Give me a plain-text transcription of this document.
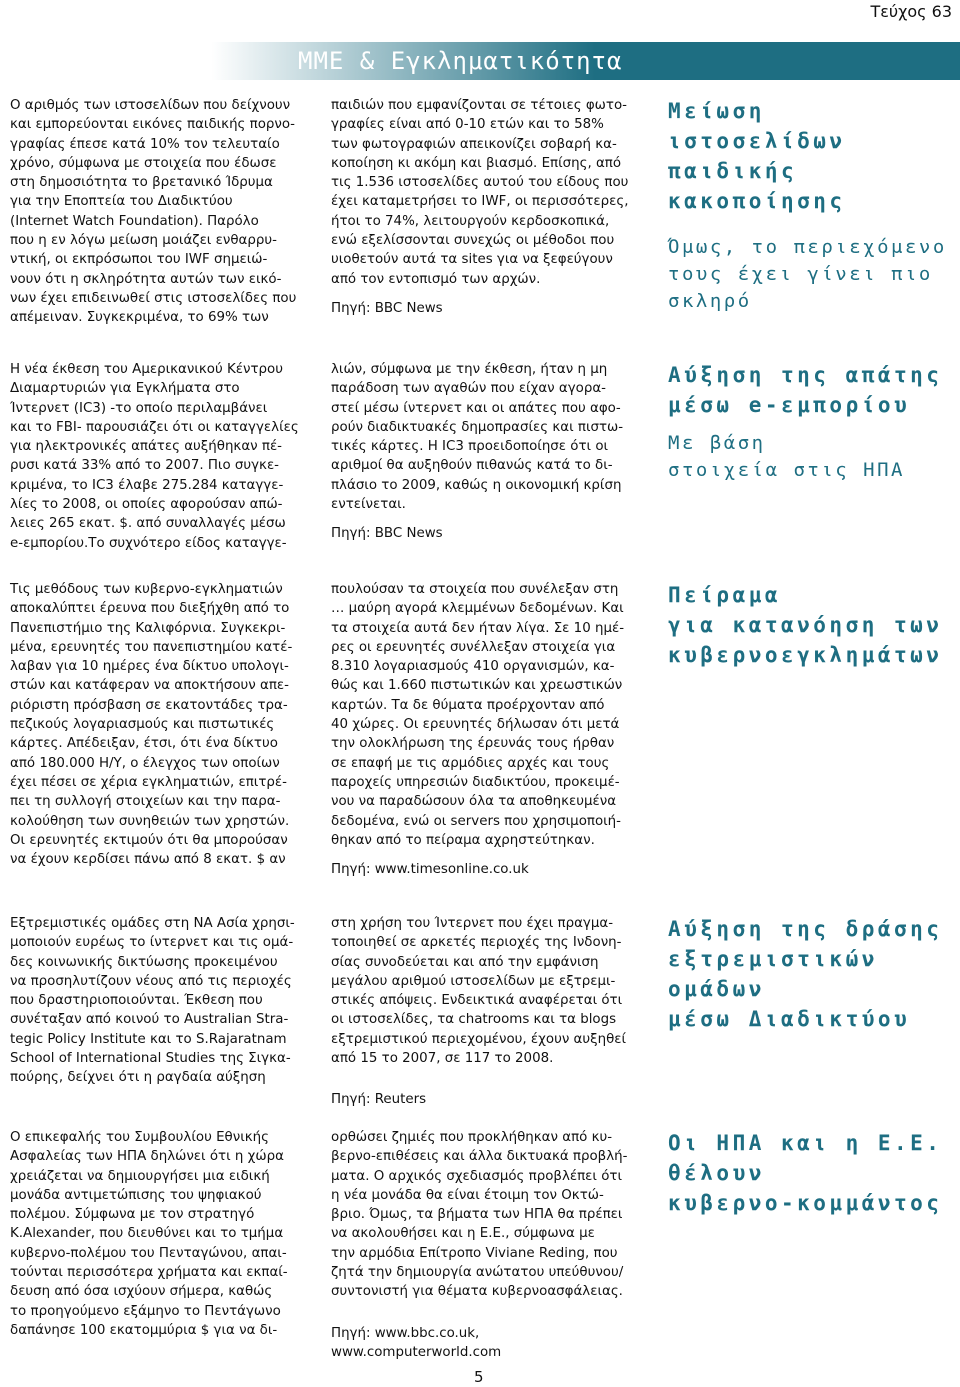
Τεύχος 63
ΜΜΕ & Εγκληματικότητα

Ο αριθμός των ιστοσελίδων που δείχνουν
και εμπορεύονται εικόνες παιδικής πορνο-
γραφίας έπεσε κατά 10% τον τελευταίο
χρόνο, σύμφωνα με στοιχεία που έδωσε
στη δημοσιότητα το βρετανικό Ίδρυμα
για την Εποπτεία του Διαδικτύου
(Internet Watch Foundation). Παρόλο
που η εν λόγω μείωση μοιάζει ενθαρρυ-
ντική, οι εκπρόσωποι του IWF σημειώ-
νουν ότι η σκληρότητα αυτών των εικό-
νων έχει επιδεινωθεί στις ιστοσελίδες που
απέμειναν. Συγκεκριμένα, το 69% των

παιδιών που εμφανίζονται σε τέτοιες φωτο-
γραφίες είναι από 0-10 ετών και το 58%
των φωτογραφιών απεικονίζει σοβαρή κα-
κοποίηση κι ακόμη και βιασμό. Επίσης, από
τις 1.536 ιστοσελίδες αυτού του είδους που
έχει καταμετρήσει το IWF, οι περισσότερες,
ήτοι το 74%, λειτουργούν κερδοσκοπικά,
ενώ εξελίσσονται συνεχώς οι μέθοδοι που
υιοθετούν αυτά τα sites για να ξεφεύγουν
από τον εντοπισμό των αρχών.

Πηγή: BBC News

Μείωση
ιστοσελίδων
παιδικής
κακοποίησης

Όμως, το περιεχόμενο
τους έχει γίνει πιο
σκληρό

Η νέα έκθεση του Αμερικανικού Κέντρου
Διαμαρτυριών για Εγκλήματα στο
Ίντερνετ (IC3) -το οποίο περιλαμβάνει
και το FBI- παρουσιάζει ότι οι καταγγελίες
για ηλεκτρονικές απάτες αυξήθηκαν πέ-
ρυσι κατά 33% από το 2007. Πιο συγκε-
κριμένα, το IC3 έλαβε 275.284 καταγγε-
λίες το 2008, οι οποίες αφορούσαν απώ-
λειες 265 εκατ. $. από συναλλαγές μέσω
e-εμπορίου.Το συχνότερο είδος καταγγε-

λιών, σύμφωνα με την έκθεση, ήταν η μη
παράδοση των αγαθών που είχαν αγορα-
στεί μέσω ίντερνετ και οι απάτες που αφο-
ρούν διαδικτυακές δημοπρασίες και πιστω-
τικές κάρτες. Η IC3 προειδοποίησε ότι οι
αριθμοί θα αυξηθούν πιθανώς κατά το δι-
πλάσιο το 2009, καθώς η οικονομική κρίση
εντείνεται.

Πηγή: BBC News

Αύξηση της απάτης
μέσω e-εμπορίου

Με βάση
στοιχεία στις ΗΠΑ

Τις μεθόδους των κυβερνο-εγκληματιών
αποκαλύπτει έρευνα που διεξήχθη από το
Πανεπιστήμιο της Καλιφόρνια. Συγκεκρι-
μένα, ερευνητές του πανεπιστημίου κατέ-
λαβαν για 10 ημέρες ένα δίκτυο υπολογι-
στών και κατάφεραν να αποκτήσουν απε-
ριόριστη πρόσβαση σε εκατοντάδες τρα-
πεζικούς λογαριασμούς και πιστωτικές
κάρτες. Απέδειξαν, έτσι, ότι ένα δίκτυο
από 180.000 Η/Υ, ο έλεγχος των οποίων
έχει πέσει σε χέρια εγκληματιών, επιτρέ-
πει τη συλλογή στοιχείων και την παρα-
κολούθηση των συνηθειών των χρηστών.
Οι ερευνητές εκτιμούν ότι θα μπορούσαν
να έχουν κερδίσει πάνω από 8 εκατ. $ αν

πουλούσαν τα στοιχεία που συνέλεξαν στη
… μαύρη αγορά κλεμμένων δεδομένων. Και
τα στοιχεία αυτά δεν ήταν λίγα. Σε 10 ημέ-
ρες οι ερευνητές συνέλλεξαν στοιχεία για
8.310 λογαριασμούς 410 οργανισμών, κα-
θώς και 1.660 πιστωτικών και χρεωστικών
καρτών. Τα δε θύματα προέρχονταν από
40 χώρες. Οι ερευνητές δήλωσαν ότι μετά
την ολοκλήρωση της έρευνάς τους ήρθαν
σε επαφή με τις αρμόδιες αρχές και τους
παροχείς υπηρεσιών διαδικτύου, προκειμέ-
νου να παραδώσουν όλα τα αποθηκευμένα
δεδομένα, ενώ οι servers που χρησιμοποιή-
θηκαν από το πείραμα αχρηστεύτηκαν.

Πηγή: www.timesonline.co.uk

Πείραμα
για κατανόηση των
κυβερνοεγκλημάτων

Εξτρεμιστικές ομάδες στη ΝΑ Ασία χρησι-
μοποιούν ευρέως το ίντερνετ και τις ομά-
δες κοινωνικής δικτύωσης προκειμένου
να προσηλυτίζουν νέους από τις περιοχές
που δραστηριοποιούνται. Έκθεση που
συνέταξαν από κοινού το Australian Stra-
tegic Policy Institute και το S.Rajaratnam
School of International Studies της Σιγκα-
πούρης, δείχνει ότι η ραγδαία αύξηση

στη χρήση του Ίντερνετ που έχει πραγμα-
τοποιηθεί σε αρκετές περιοχές της Ινδονη-
σίας συνοδεύεται και από την εμφάνιση
μεγάλου αριθμού ιστοσελίδων με εξτρεμι-
στικές απόψεις. Ενδεικτικά αναφέρεται ότι
οι ιστοσελίδες, τα chatrooms και τα blogs
εξτρεμιστικού περιεχομένου, έχουν αυξηθεί
από 15 το 2007, σε 117 το 2008.

Πηγή: Reuters

Αύξηση της δράσης
εξτρεμιστικών
ομάδων
μέσω Διαδικτύου

Ο επικεφαλής του Συμβουλίου Εθνικής
Ασφαλείας των ΗΠΑ δηλώνει ότι η χώρα
χρειάζεται να δημιουργήσει μια ειδική
μονάδα αντιμετώπισης του ψηφιακού
πολέμου. Σύμφωνα με τον στρατηγό
K.Alexander, που διευθύνει και το τμήμα
κυβερνο-πολέμου του Πενταγώνου, απαι-
τούνται περισσότερα χρήματα και εκπαί-
δευση από όσα ισχύουν σήμερα, καθώς
το προηγούμενο εξάμηνο το Πεντάγωνο
δαπάνησε 100 εκατομμύρια $ για να δι-

ορθώσει ζημιές που προκλήθηκαν από κυ-
βερνο-επιθέσεις και άλλα δικτυακά προβλή-
ματα. Ο αρχικός σχεδιασμός προβλέπει ότι
η νέα μονάδα θα είναι έτοιμη τον Οκτώ-
βριο. Όμως, τα βήματα των ΗΠΑ θα πρέπει
να ακολουθήσει και η Ε.Ε., σύμφωνα με
την αρμόδια Επίτροπο Viviane Reding, που
ζητά την δημιουργία ανώτατου υπεύθυνου/
συντονιστή για θέματα κυβερνοασφάλειας.

Πηγή: www.bbc.co.uk,
www.computerworld.com

Οι ΗΠΑ και η Ε.Ε.
θέλουν
κυβερνο-κομμάντος

5
